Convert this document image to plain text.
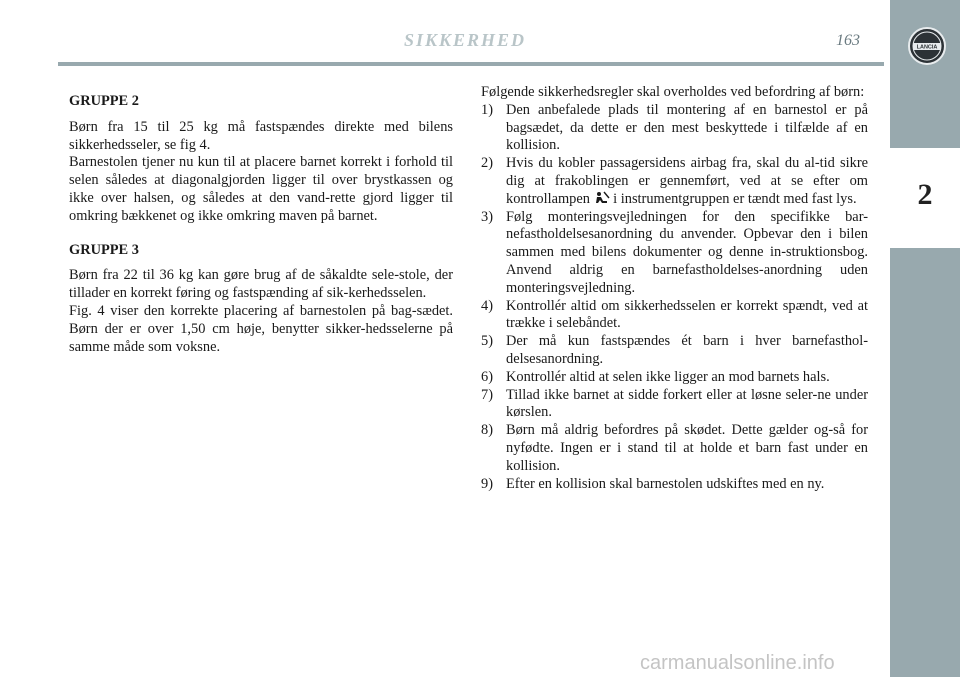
SIKKERHED	163	LANCIA
2

GRUPPE 2

Børn fra 15 til 25 kg må fastspændes direkte med bilens sikkerhedsseler, se fig 4.

Barnestolen tjener nu kun til at placere barnet korrekt i forhold til selen således at diagonalgjorden ligger til over brystkassen og ikke over halsen, og således at den vand-rette gjord ligger til omkring bækkenet og ikke omkring maven på barnet.

GRUPPE 3

Børn fra 22 til 36 kg kan gøre brug af de såkaldte sele-stole, der tillader en korrekt føring og fastspænding af sik-kerhedsselen.

Fig. 4 viser den korrekte placering af barnestolen på bag-sædet. Børn der er over 1,50 cm høje, benytter sikker-hedsselerne på samme måde som voksne.

Følgende sikkerhedsregler skal overholdes ved befordring af børn:

1) Den anbefalede plads til montering af en barnestol er på bagsædet, da dette er den mest beskyttede i tilfælde af en kollision.
2) Hvis du kobler passagersidens airbag fra, skal du al-tid sikre dig at frakoblingen er gennemført, ved at se efter om kontrollampen i instrumentgruppen er tændt med fast lys.
3) Følg monteringsvejledningen for den specifikke bar-nefastholdelsesanordning du anvender. Opbevar den i bilen sammen med bilens dokumenter og denne in-struktionsbog. Anvend aldrig en barnefastholdelses-anordning uden monteringsvejledning.
4) Kontrollér altid om sikkerhedsselen er korrekt spændt, ved at trække i selebåndet.
5) Der må kun fastspændes ét barn i hver barnefasthol-delsesanordning.
6) Kontrollér altid at selen ikke ligger an mod barnets hals.
7) Tillad ikke barnet at sidde forkert eller at løsne seler-ne under kørslen.
8) Børn må aldrig befordres på skødet. Dette gælder og-så for nyfødte. Ingen er i stand til at holde et barn fast under en kollision.
9) Efter en kollision skal barnestolen udskiftes med en ny.
carmanualsonline.info
